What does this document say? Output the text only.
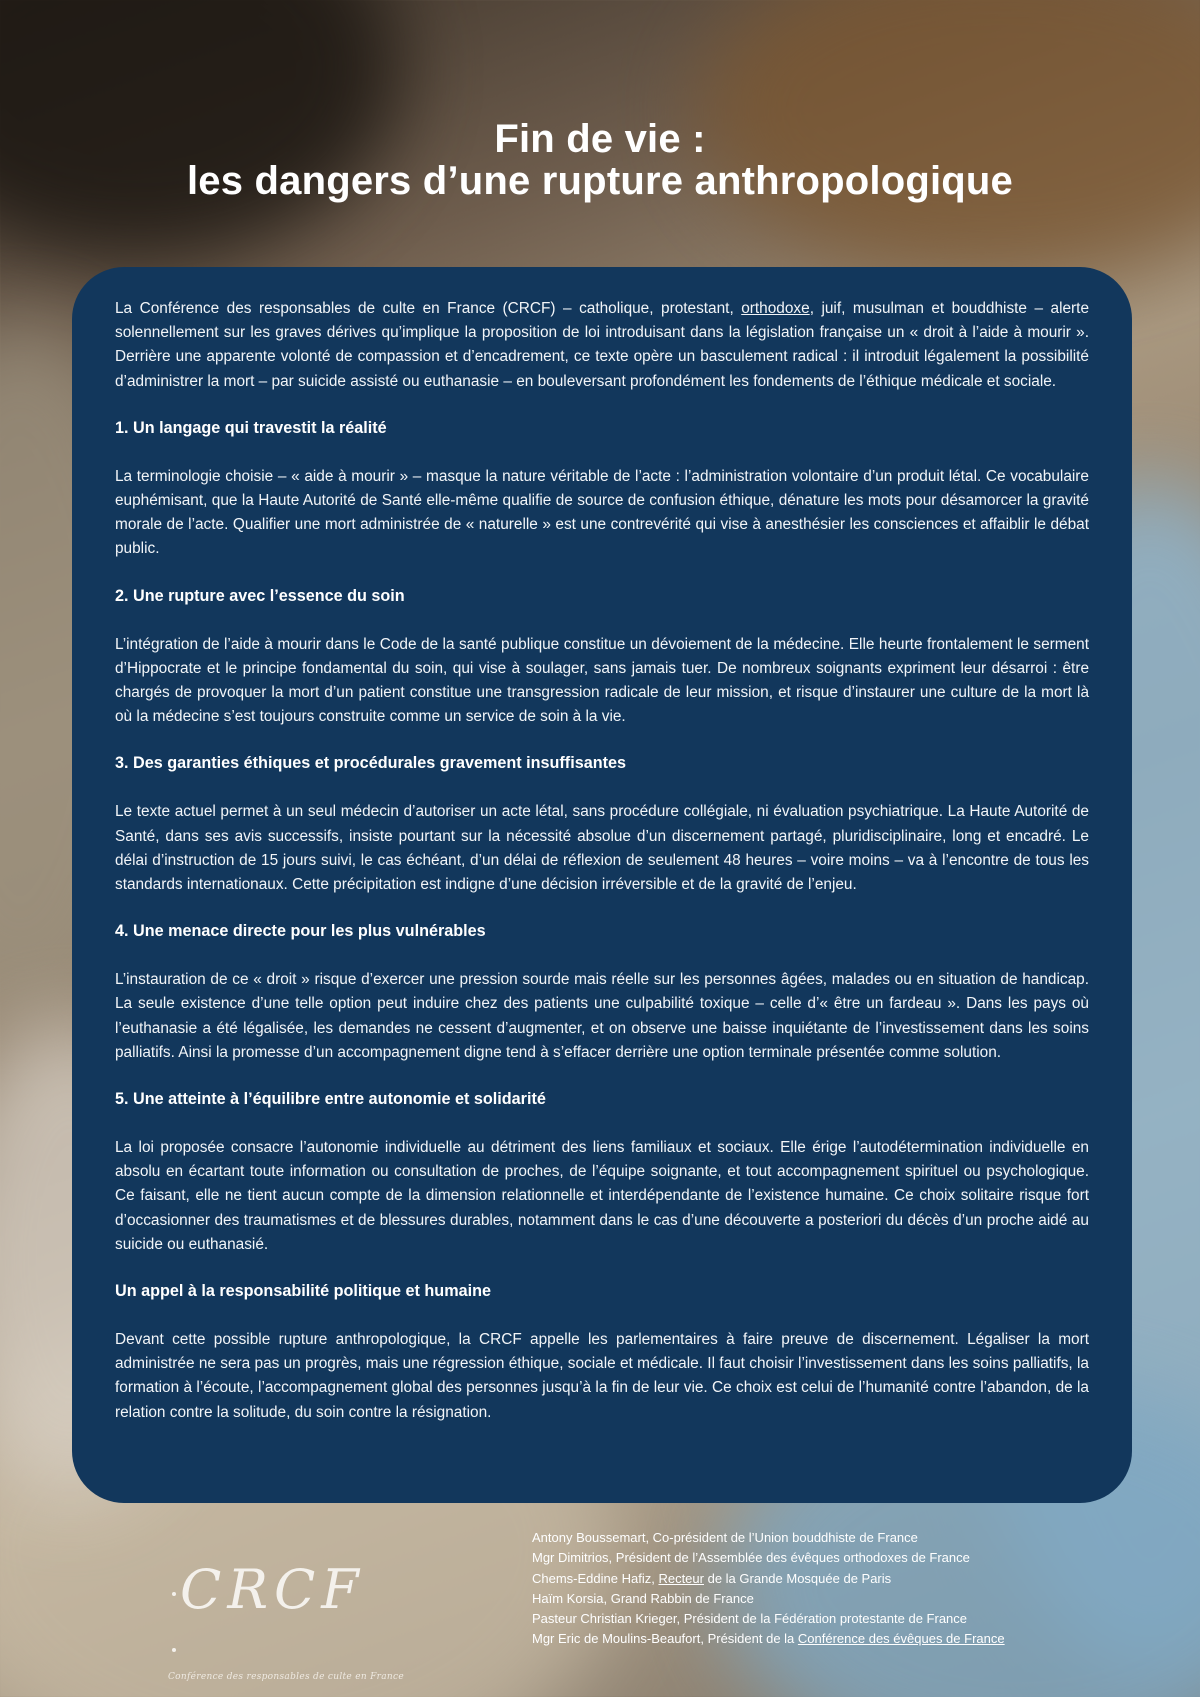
Fin de vie :
les dangers d’une rupture anthropologique

La Conférence des responsables de culte en France (CRCF) – catholique, protestant, orthodoxe, juif, musulman et bouddhiste – alerte solennellement sur les graves dérives qu’implique la proposition de loi introduisant dans la législation française un « droit à l’aide à mourir ». Derrière une apparente volonté de compassion et d’encadrement, ce texte opère un basculement radical : il introduit légalement la possibilité d’administrer la mort – par suicide assisté ou euthanasie – en bouleversant profondément les fondements de l’éthique médicale et sociale.

1. Un langage qui travestit la réalité

La terminologie choisie – « aide à mourir » – masque la nature véritable de l’acte : l’administration volontaire d’un produit létal. Ce vocabulaire euphémisant, que la Haute Autorité de Santé elle-même qualifie de source de confusion éthique, dénature les mots pour désamorcer la gravité morale de l’acte. Qualifier une mort administrée de « naturelle » est une contrevérité qui vise à anesthésier les consciences et affaiblir le débat public.

2. Une rupture avec l’essence du soin

L’intégration de l’aide à mourir dans le Code de la santé publique constitue un dévoiement de la médecine. Elle heurte frontalement le serment d’Hippocrate et le principe fondamental du soin, qui vise à soulager, sans jamais tuer. De nombreux soignants expriment leur désarroi : être chargés de provoquer la mort d’un patient constitue une transgression radicale de leur mission, et risque d’instaurer une culture de la mort là où la médecine s’est toujours construite comme un service de soin à la vie.

3. Des garanties éthiques et procédurales gravement insuffisantes

Le texte actuel permet à un seul médecin d’autoriser un acte létal, sans procédure collégiale, ni évaluation psychiatrique. La Haute Autorité de Santé, dans ses avis successifs, insiste pourtant sur la nécessité absolue d’un discernement partagé, pluridisciplinaire, long et encadré. Le délai d’instruction de 15 jours suivi, le cas échéant, d’un délai de réflexion de seulement 48 heures – voire moins – va à l’encontre de tous les standards internationaux. Cette précipitation est indigne d’une décision irréversible et de la gravité de l’enjeu.

4. Une menace directe pour les plus vulnérables

L’instauration de ce « droit » risque d’exercer une pression sourde mais réelle sur les personnes âgées, malades ou en situation de handicap. La seule existence d’une telle option peut induire chez des patients une culpabilité toxique – celle d’« être un fardeau ». Dans les pays où l’euthanasie a été légalisée, les demandes ne cessent d’augmenter, et on observe une baisse inquiétante de l’investissement dans les soins palliatifs. Ainsi la promesse d’un accompagnement digne tend à s’effacer derrière une option terminale présentée comme solution.

5. Une atteinte à l’équilibre entre autonomie et solidarité

La loi proposée consacre l’autonomie individuelle au détriment des liens familiaux et sociaux. Elle érige l’autodétermination individuelle en absolu en écartant toute information ou consultation de proches, de l’équipe soignante, et tout accompagnement spirituel ou psychologique. Ce faisant, elle ne tient aucun compte de la dimension relationnelle et interdépendante de l’existence humaine. Ce choix solitaire risque fort d’occasionner des traumatismes et de blessures durables, notamment dans le cas d’une découverte a posteriori du décès d’un proche aidé au suicide ou euthanasié.

Un appel à la responsabilité politique et humaine

Devant cette possible rupture anthropologique, la CRCF appelle les parlementaires à faire preuve de discernement. Légaliser la mort administrée ne sera pas un progrès, mais une régression éthique, sociale et médicale. Il faut choisir l’investissement dans les soins palliatifs, la formation à l’écoute, l’accompagnement global des personnes jusqu’à la fin de leur vie. Ce choix est celui de l’humanité contre l’abandon, de la relation contre la solitude, du soin contre la résignation.

CRCF
Conférence des responsables de culte en France
Antony Boussemart, Co-président de l’Union bouddhiste de France
Mgr Dimitrios, Président de l’Assemblée des évêques orthodoxes de France
Chems-Eddine Hafiz, Recteur de la Grande Mosquée de Paris
Haïm Korsia, Grand Rabbin de France
Pasteur Christian Krieger, Président de la Fédération protestante de France
Mgr Eric de Moulins-Beaufort, Président de la Conférence des évêques de France
